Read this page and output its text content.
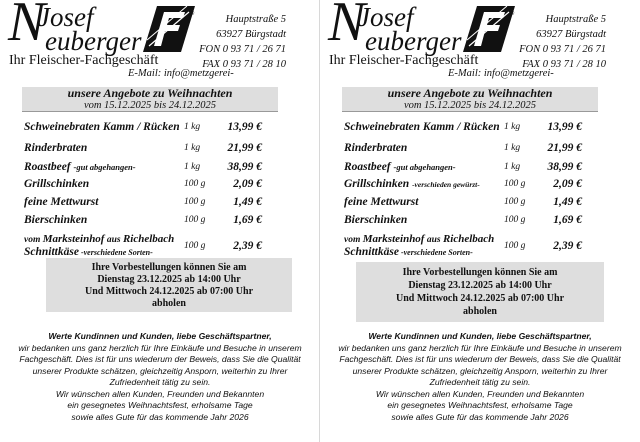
N
Josef
euberger
Ihr Fleischer-Fachgeschäft
®
Hauptstraße 5
63927 Bürgstadt
FON 0 93 71 / 26 71
FAX 0 93 71 / 28 10
E-Mail: info@metzgerei-
unsere Angebote zu Weihnachten
vom 15.12.2025 bis 24.12.2025
Schweinebraten Kamm / Rücken 1 kg 13,99 €
Rinderbraten	1 kg 21,99 €
Roastbeef -gut abgehangen-	1 kg 38,99 €
Grillschinken	100 g 2,09 €
feine Mettwurst	100 g 1,49 €
Bierschinken	100 g 1,69 €
vom Marksteinhof aus Richelbach
Schnittkäse -verschiedene Sorten-
100 g 2,39 €
Ihre Vorbestellungen können Sie am
Dienstag 23.12.2025 ab 14:00 Uhr
Und Mittwoch 24.12.2025 ab 07:00 Uhr
abholen
Werte Kundinnen und Kunden, liebe Geschäftspartner,
wir bedanken uns ganz herzlich für Ihre Einkäufe und Besuche in unserem
Fachgeschäft. Dies ist für uns wiederum der Beweis, dass Sie die Qualität
unserer Produkte schätzen, gleichzeitig Ansporn, weiterhin zu Ihrer
Zufriedenheit tätig zu sein.
Wir wünschen allen Kunden, Freunden und Bekannten
ein gesegnetes Weihnachtsfest, erholsame Tage
sowie alles Gute für das kommende Jahr 2026
N
Josef
euberger
Ihr Fleischer-Fachgeschäft
®
Hauptstraße 5
63927 Bürgstadt
FON 0 93 71 / 26 71
FAX 0 93 71 / 28 10
E-Mail: info@metzgerei-
unsere Angebote zu Weihnachten
vom 15.12.2025 bis 24.12.2025
Schweinebraten Kamm / Rücken 1 kg 13,99 €
Rinderbraten	1 kg 21,99 €
Roastbeef -gut abgehangen-	1 kg 38,99 €
Grillschinken -verschieden gewürzt-	100 g 2,09 €
feine Mettwurst	100 g 1,49 €
Bierschinken	100 g 1,69 €
vom Marksteinhof aus Richelbach
Schnittkäse -verschiedene Sorten-
100 g 2,39 €
Ihre Vorbestellungen können Sie am
Dienstag 23.12.2025 ab 14:00 Uhr
Und Mittwoch 24.12.2025 ab 07:00 Uhr
abholen
Werte Kundinnen und Kunden, liebe Geschäftspartner,
wir bedanken uns ganz herzlich für Ihre Einkäufe und Besuche in unserem
Fachgeschäft. Dies ist für uns wiederum der Beweis, dass Sie die Qualität
unserer Produkte schätzen, gleichzeitig Ansporn, weiterhin zu Ihrer
Zufriedenheit tätig zu sein.
Wir wünschen allen Kunden, Freunden und Bekannten
ein gesegnetes Weihnachtsfest, erholsame Tage
sowie alles Gute für das kommende Jahr 2026
